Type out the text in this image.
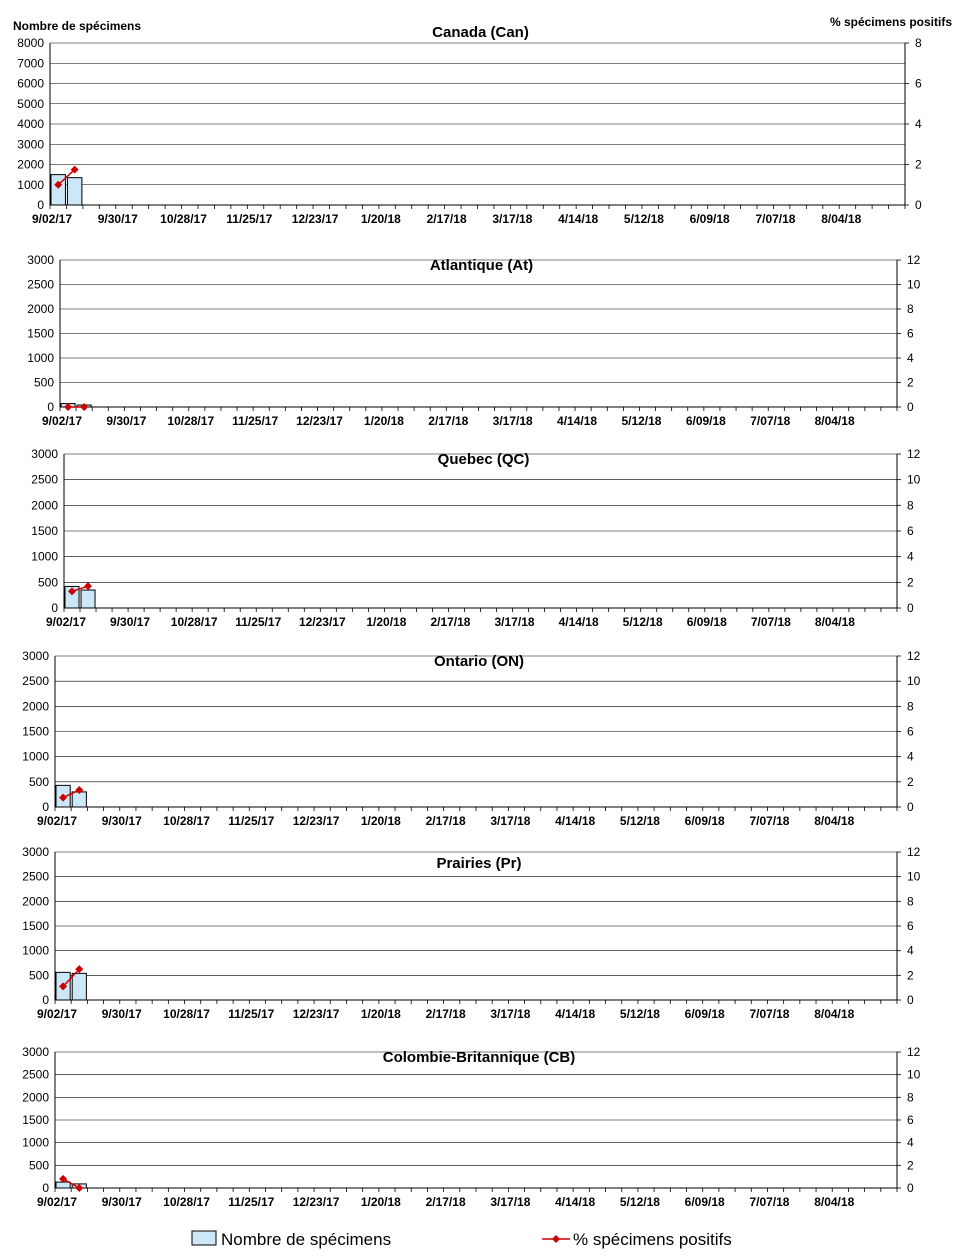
Nombre de spécimens	% spécimens positifs
0
1000
2000
3000
4000
5000
6000
7000
8000
0
2
4
6
8
9/02/17 9/30/17 10/28/17 11/25/17 12/23/17 1/20/18 2/17/18 3/17/18 4/14/18 5/12/18 6/09/18 7/07/18 8/04/18
Canada (Can)
0
500
1000
1500
2000
2500
3000
0
2
4
6
8
10
12
9/02/17 9/30/17 10/28/17 11/25/17 12/23/17 1/20/18 2/17/18 3/17/18 4/14/18 5/12/18 6/09/18 7/07/18 8/04/18
Atlantique (At)
0
500
1000
1500
2000
2500
3000
0
2
4
6
8
10
12
9/02/17 9/30/17 10/28/17 11/25/17 12/23/17 1/20/18 2/17/18 3/17/18 4/14/18 5/12/18 6/09/18 7/07/18 8/04/18
Quebec (QC)
0
500
1000
1500
2000
2500
3000
0
2
4
6
8
10
12
9/02/17 9/30/17 10/28/17 11/25/17 12/23/17 1/20/18 2/17/18 3/17/18 4/14/18 5/12/18 6/09/18 7/07/18 8/04/18
Ontario (ON)
0
500
1000
1500
2000
2500
3000
0
2
4
6
8
10
12
9/02/17 9/30/17 10/28/17 11/25/17 12/23/17 1/20/18 2/17/18 3/17/18 4/14/18 5/12/18 6/09/18 7/07/18 8/04/18
Prairies (Pr)
0
500
1000
1500
2000
2500
3000
0
2
4
6
8
10
12
9/02/17 9/30/17 10/28/17 11/25/17 12/23/17 1/20/18 2/17/18 3/17/18 4/14/18 5/12/18 6/09/18 7/07/18 8/04/18
Colombie-Britannique (CB)
Nombre de spécimens	% spécimens positifs
